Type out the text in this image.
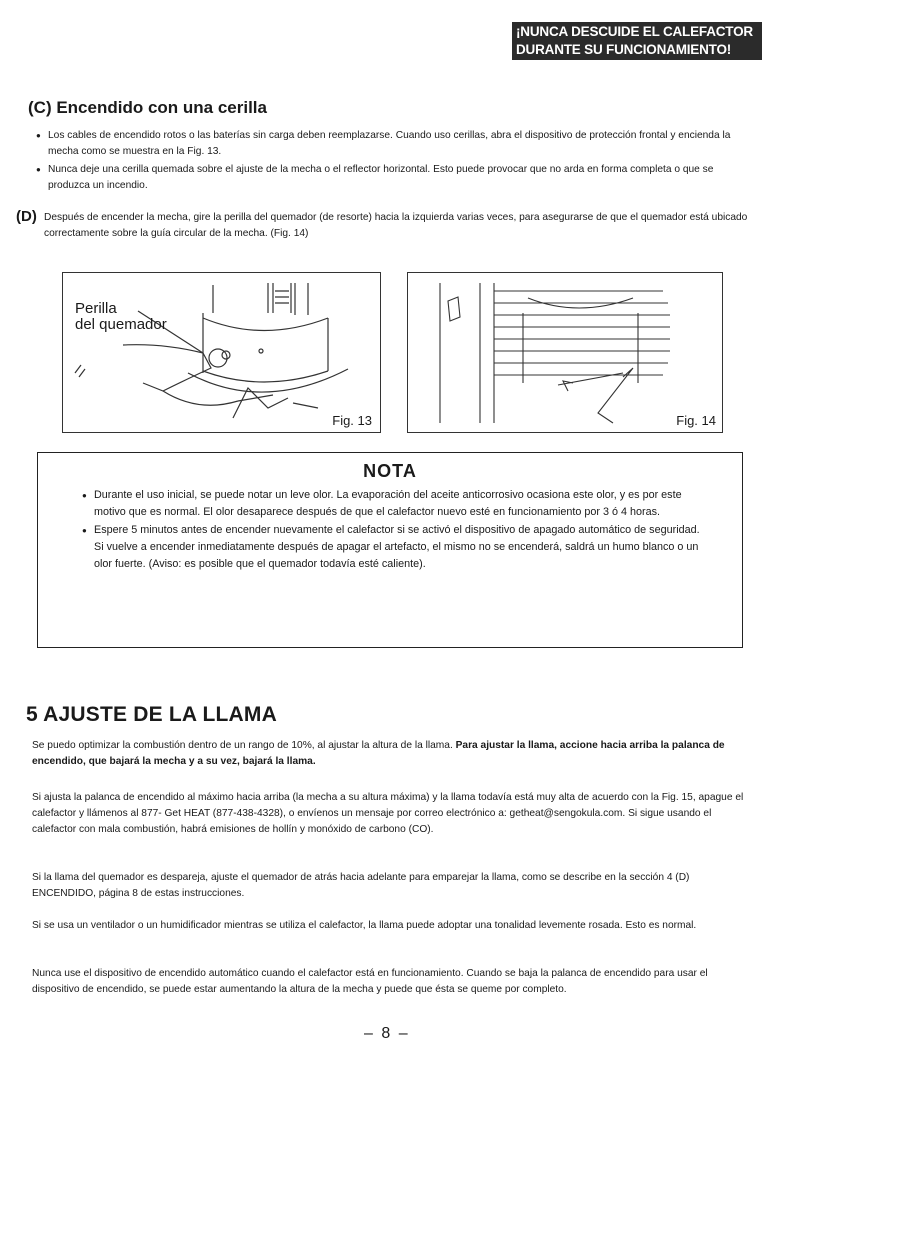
¡NUNCA DESCUIDE EL CALEFACTOR
DURANTE SU FUNCIONAMIENTO!
(C) Encendido con una cerilla
● Los cables de encendido rotos o las baterías sin carga deben reemplazarse. Cuando uso cerillas, abra el dispositivo de protección frontal y encienda la mecha como se muestra en la Fig. 13.
● Nunca deje una cerilla quemada sobre el ajuste de la mecha o el reflector horizontal. Esto puede provocar que no arda en forma completa o que se produzca un incendio.
(D) Después de encender la mecha, gire la perilla del quemador (de resorte) hacia la izquierda varias veces, para asegurarse de que el quemador está ubicado correctamente sobre la guía circular de la mecha. (Fig. 14)

Perilla
del quemador
Fig. 13	Fig. 14
NOTA
● Durante el uso inicial, se puede notar un leve olor. La evaporación del aceite anticorrosivo ocasiona este olor, y es por este motivo que es normal. El olor desaparece después de que el calefactor nuevo esté en funcionamiento por 3 ó 4 horas.
● Espere 5 minutos antes de encender nuevamente el calefactor si se activó el dispositivo de apagado automático de seguridad. Si vuelve a encender inmediatamente después de apagar el artefacto, el mismo no se encenderá, saldrá un humo blanco o un olor fuerte. (Aviso: es posible que el quemador todavía esté caliente).
5 AJUSTE DE LA LLAMA

Se puedo optimizar la combustión dentro de un rango de 10%, al ajustar la altura de la llama. Para ajustar la llama, accione hacia arriba la palanca de encendido, que bajará la mecha y a su vez, bajará la llama.

Si ajusta la palanca de encendido al máximo hacia arriba (la mecha a su altura máxima) y la llama todavía está muy alta de acuerdo con la Fig. 15, apague el calefactor y llámenos al 877- Get HEAT (877-438-4328), o envíenos un mensaje por correo electrónico a: getheat@sengokula.com. Si sigue usando el calefactor con mala combustión, habrá emisiones de hollín y monóxido de carbono (CO).

Si la llama del quemador es despareja, ajuste el quemador de atrás hacia adelante para emparejar la llama, como se describe en la sección 4 (D) ENCENDIDO, página 8 de estas instrucciones.

Si se usa un ventilador o un humidificador mientras se utiliza el calefactor, la llama puede adoptar una tonalidad levemente rosada. Esto es normal.

Nunca use el dispositivo de encendido automático cuando el calefactor está en funcionamiento. Cuando se baja la palanca de encendido para usar el dispositivo de encendido, se puede estar aumentando la altura de la mecha y puede que ésta se queme por completo.

– 8 –
